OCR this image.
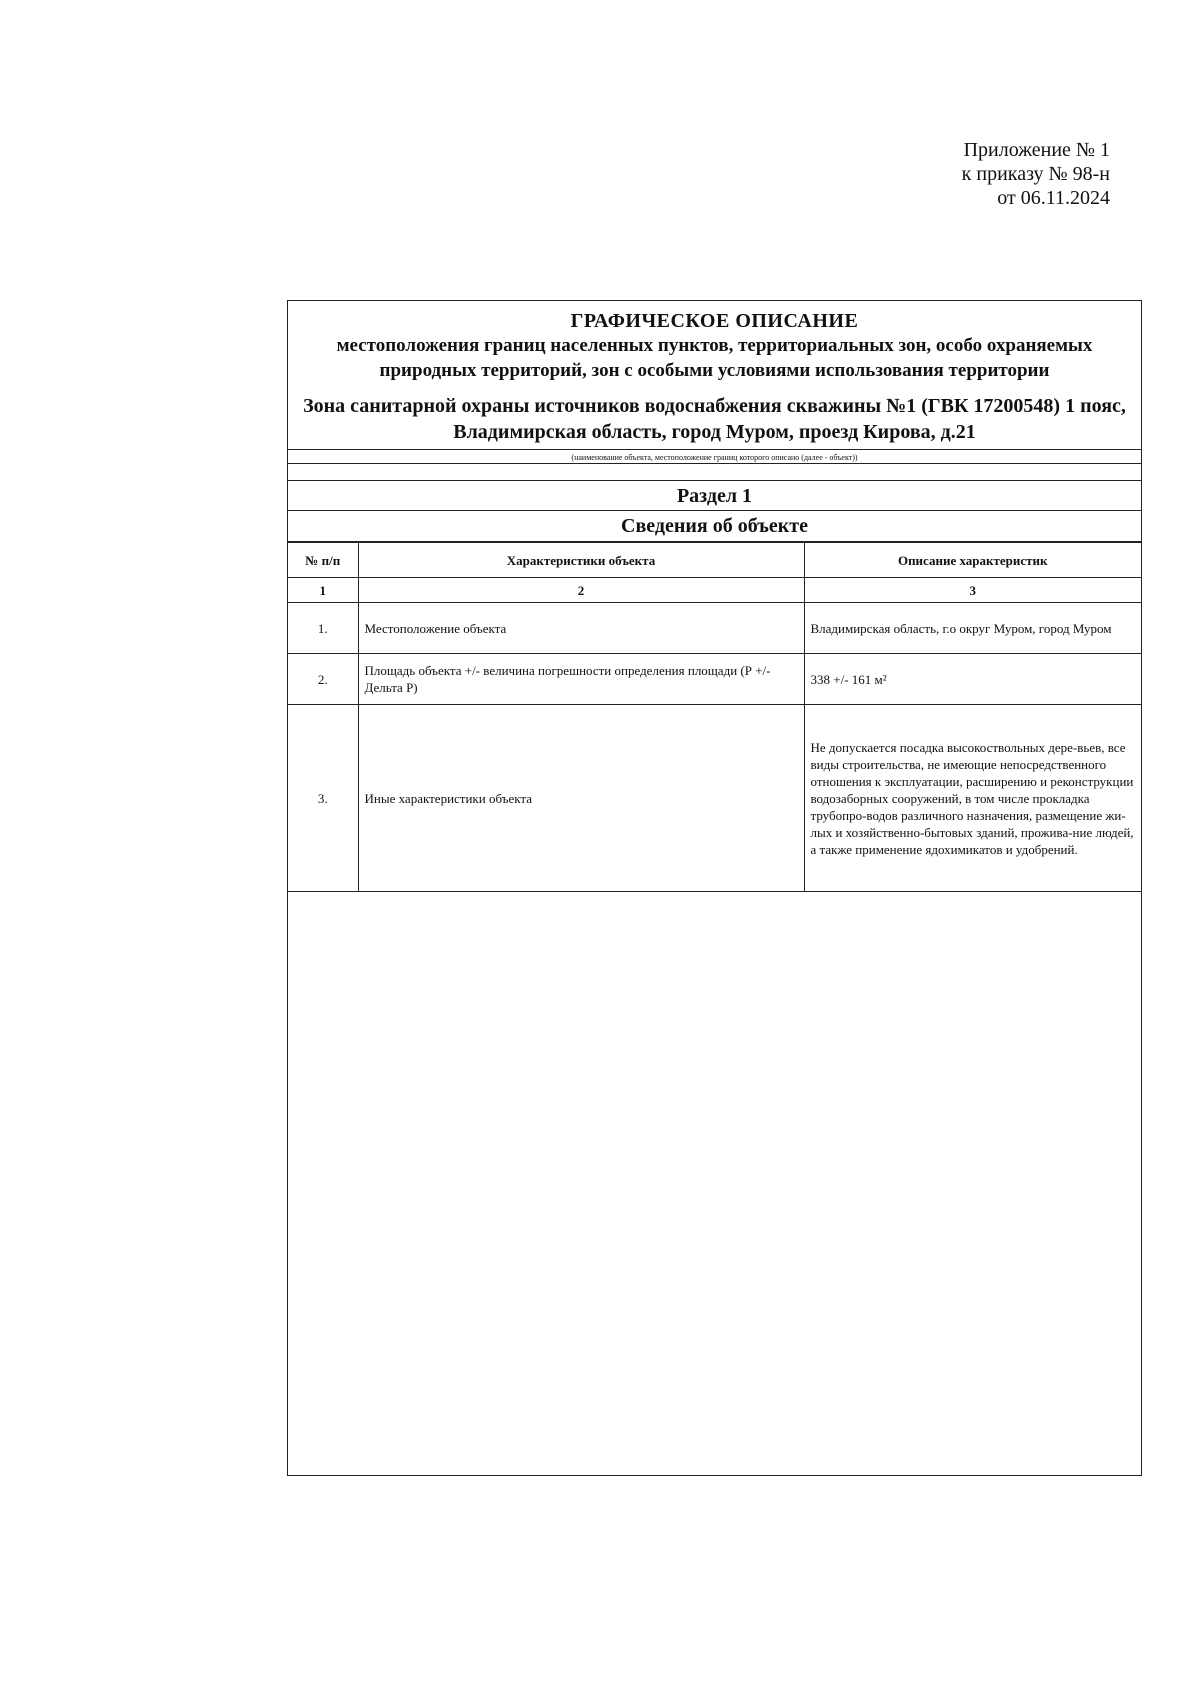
Приложение № 1
к приказу № 98-н
от 06.11.2024
ГРАФИЧЕСКОЕ ОПИСАНИЕ
местоположения границ населенных пунктов, территориальных зон, особо охраняемых природных территорий, зон с особыми условиями использования территории
Зона санитарной охраны источников водоснабжения скважины №1 (ГВК 17200548) 1 пояс, Владимирская область, город Муром, проезд Кирова, д.21
(наименование объекта, местоположение границ которого описано (далее - объект))
Раздел 1
Сведения об объекте
№ п/п	Характеристики объекта	Описание характеристик
1	2	3
1.	Местоположение объекта	Владимирская область, г.о округ Муром, город Муром
2.	Площадь объекта +/- величина погрешности определения площади (Р +/- Дельта Р)	338 +/- 161 м²
3.	Иные характеристики объекта	Не допускается посадка высокоствольных дере-вьев, все виды строительства, не имеющие непосредственного отношения к эксплуатации, расширению и реконструкции водозаборных сооружений, в том числе прокладка трубопро-водов различного назначения, размещение жи-лых и хозяйственно-бытовых зданий, прожива-ние людей, а также применение ядохимикатов и удобрений.
